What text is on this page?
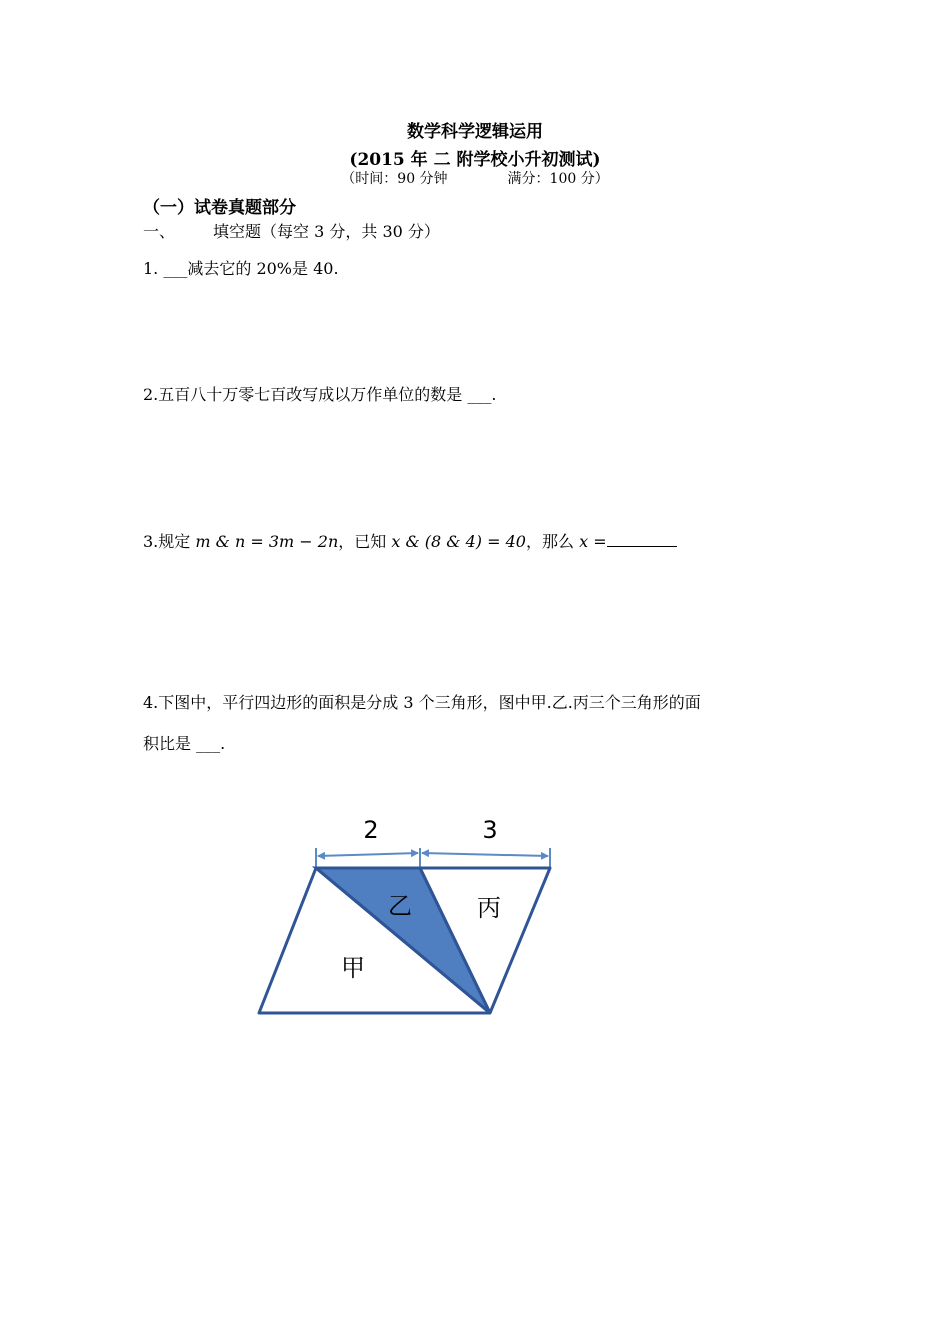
数学科学逻辑运用
(2015 年 二 附学校小升初测试)
（时间：90 分钟	满分：100 分）
（一）试卷真题部分
一、 填空题（每空 3 分，共 30 分）
1. ___减去它的 20%是 40.
2.五百八十万零七百改写成以万作单位的数是 ___.
3.规定 m & n = 3m − 2n，已知 x & (8 & 4) = 40，那么 x =
4.下图中，平行四边形的面积是分成 3 个三角形，图中甲.乙.丙三个三角形的面
积比是 ___.
2	3
乙	丙
甲
